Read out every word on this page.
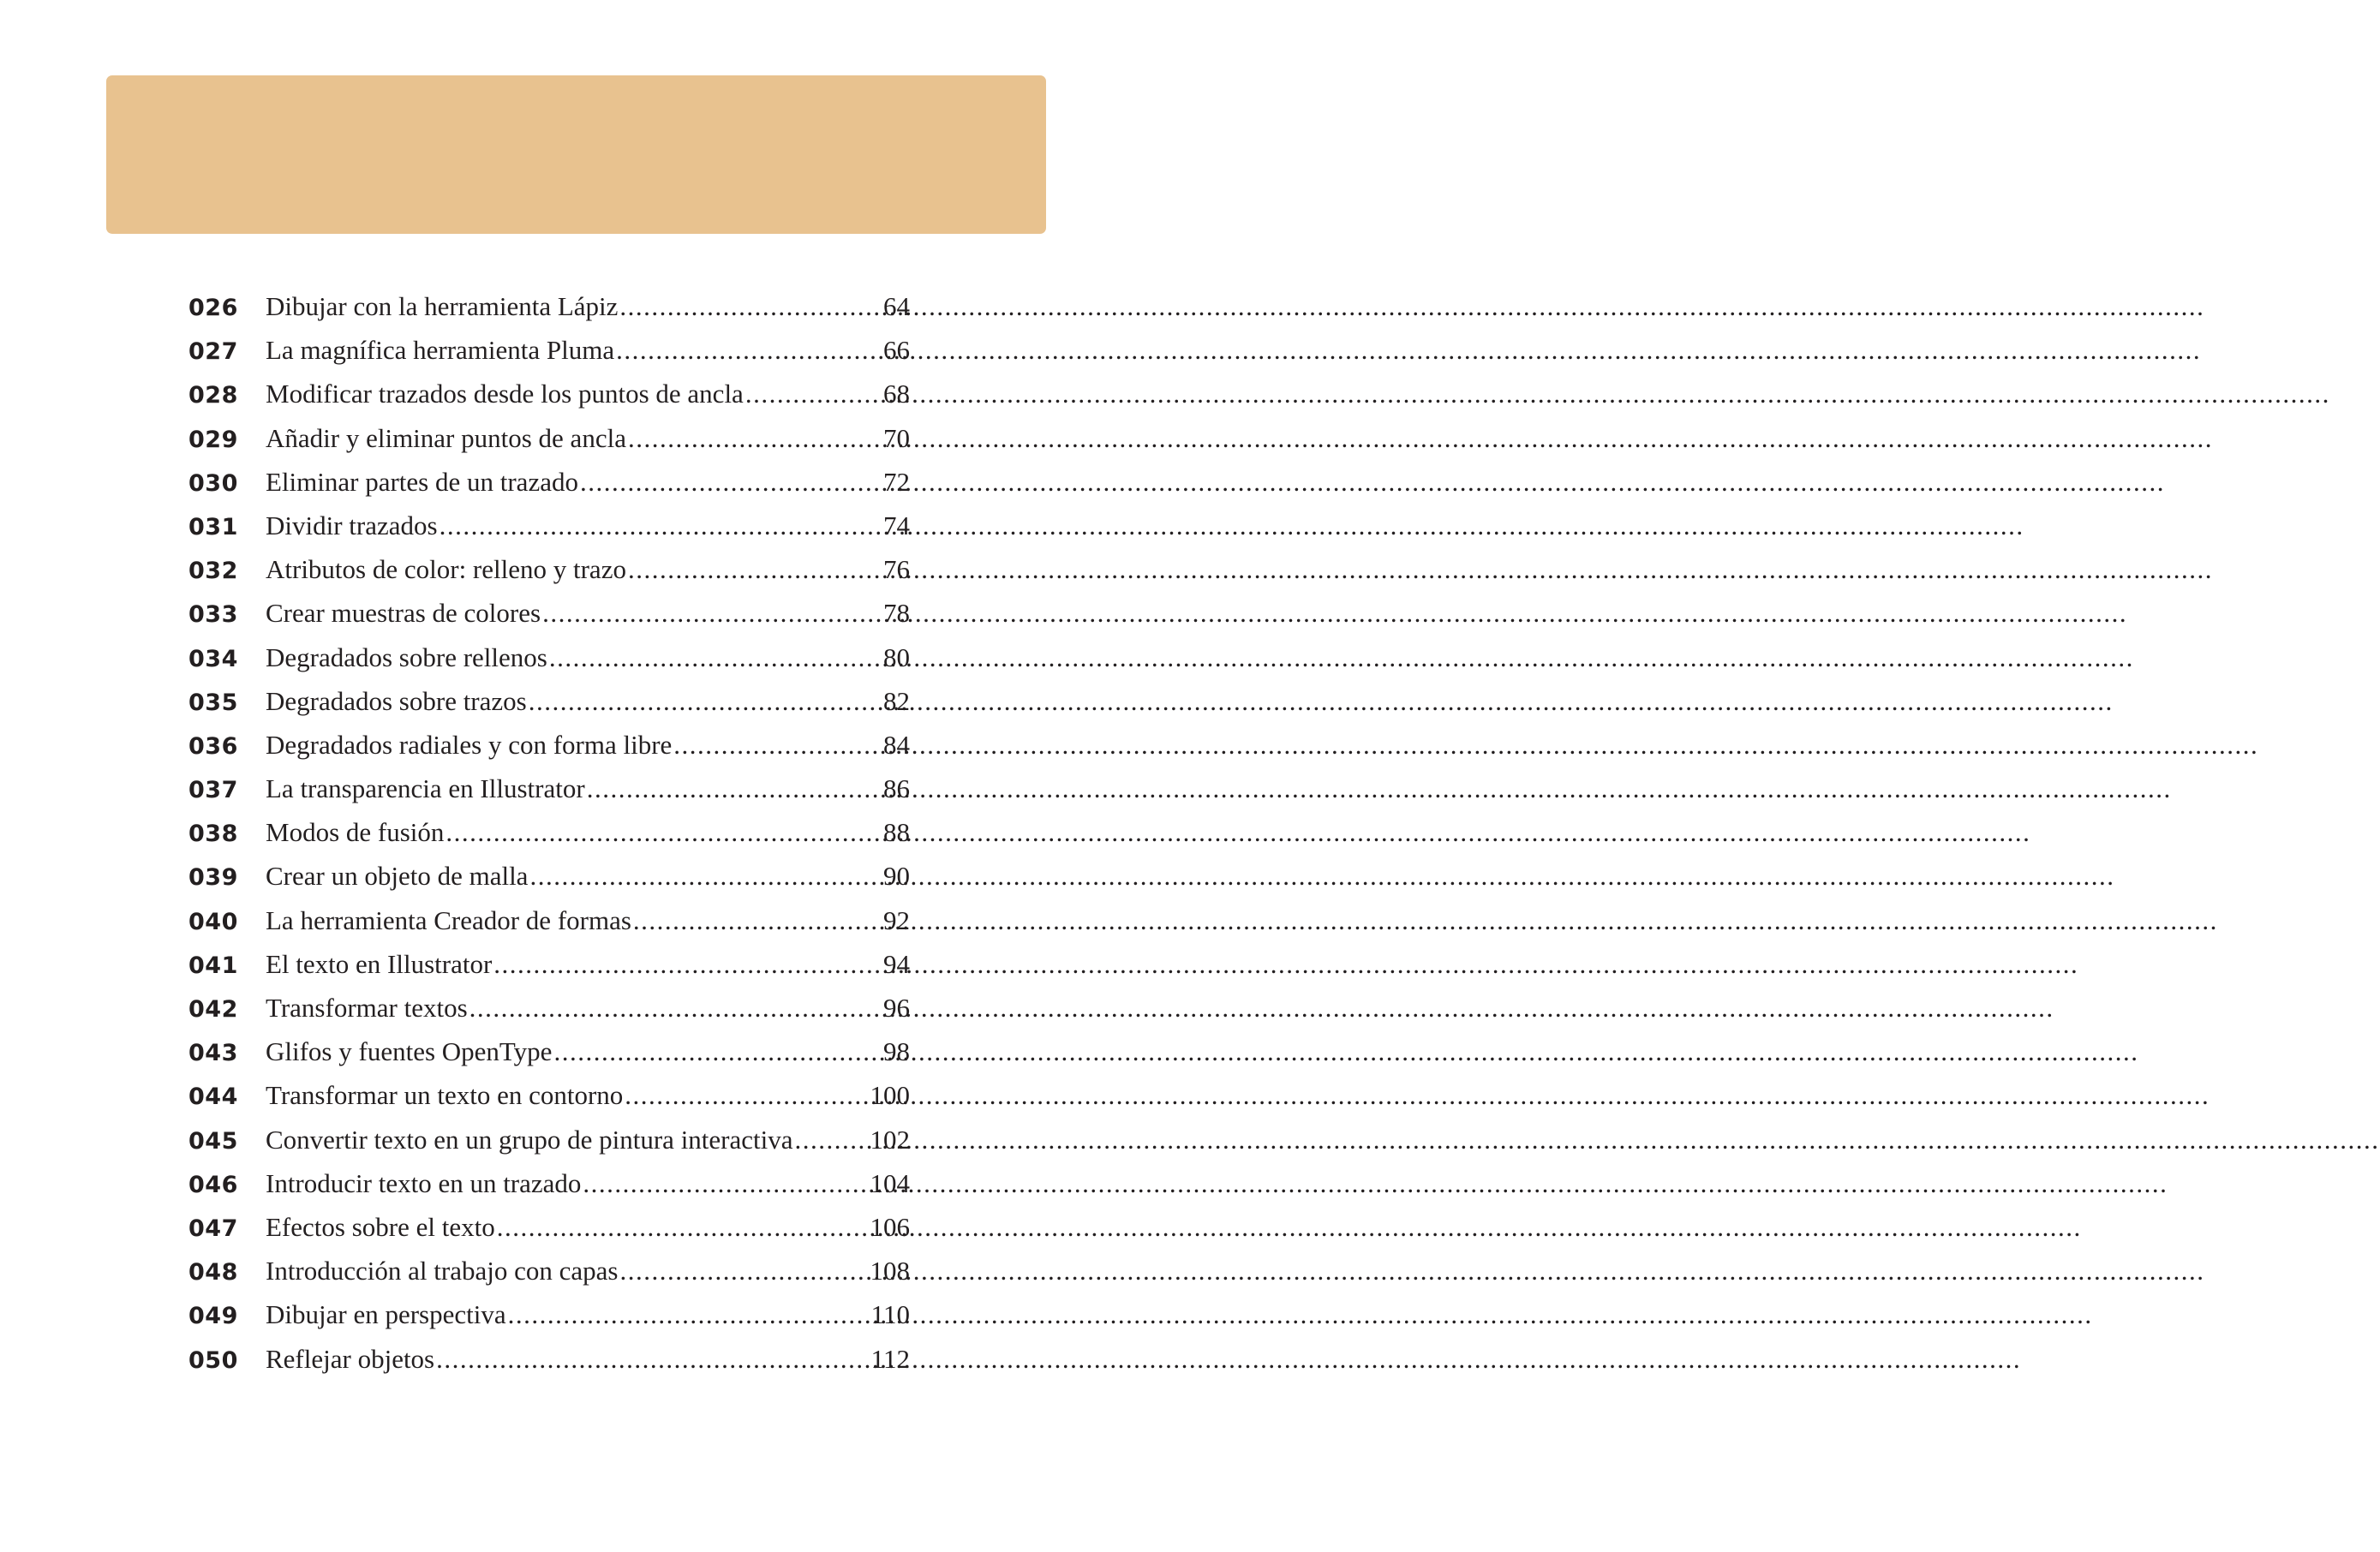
026	Dibujar con la herramienta Lápiz .....	64
027	La magnífica herramienta Pluma .....	66
028	Modificar trazados desde los puntos de ancla .....	68
029	Añadir y eliminar puntos de ancla .....	70
030	Eliminar partes de un trazado .....	72
031	Dividir trazados .....	74
032	Atributos de color: relleno y trazo .....	76
033	Crear muestras de colores .....	78
034	Degradados sobre rellenos .....	80
035	Degradados sobre trazos .....	82
036	Degradados radiales y con forma libre .....	84
037	La transparencia en Illustrator .....	86
038	Modos de fusión .....	88
039	Crear un objeto de malla .....	90
040	La herramienta Creador de formas .....	92
041	El texto en Illustrator .....	94
042	Transformar textos .....	96
043	Glifos y fuentes OpenType .....	98
044	Transformar un texto en contorno .....	100
045	Convertir texto en un grupo de pintura interactiva .....	102
046	Introducir texto en un trazado .....	104
047	Efectos sobre el texto .....	106
048	Introducción al trabajo con capas .....	108
049	Dibujar en perspectiva .....	110
050	Reflejar objetos .....	112
